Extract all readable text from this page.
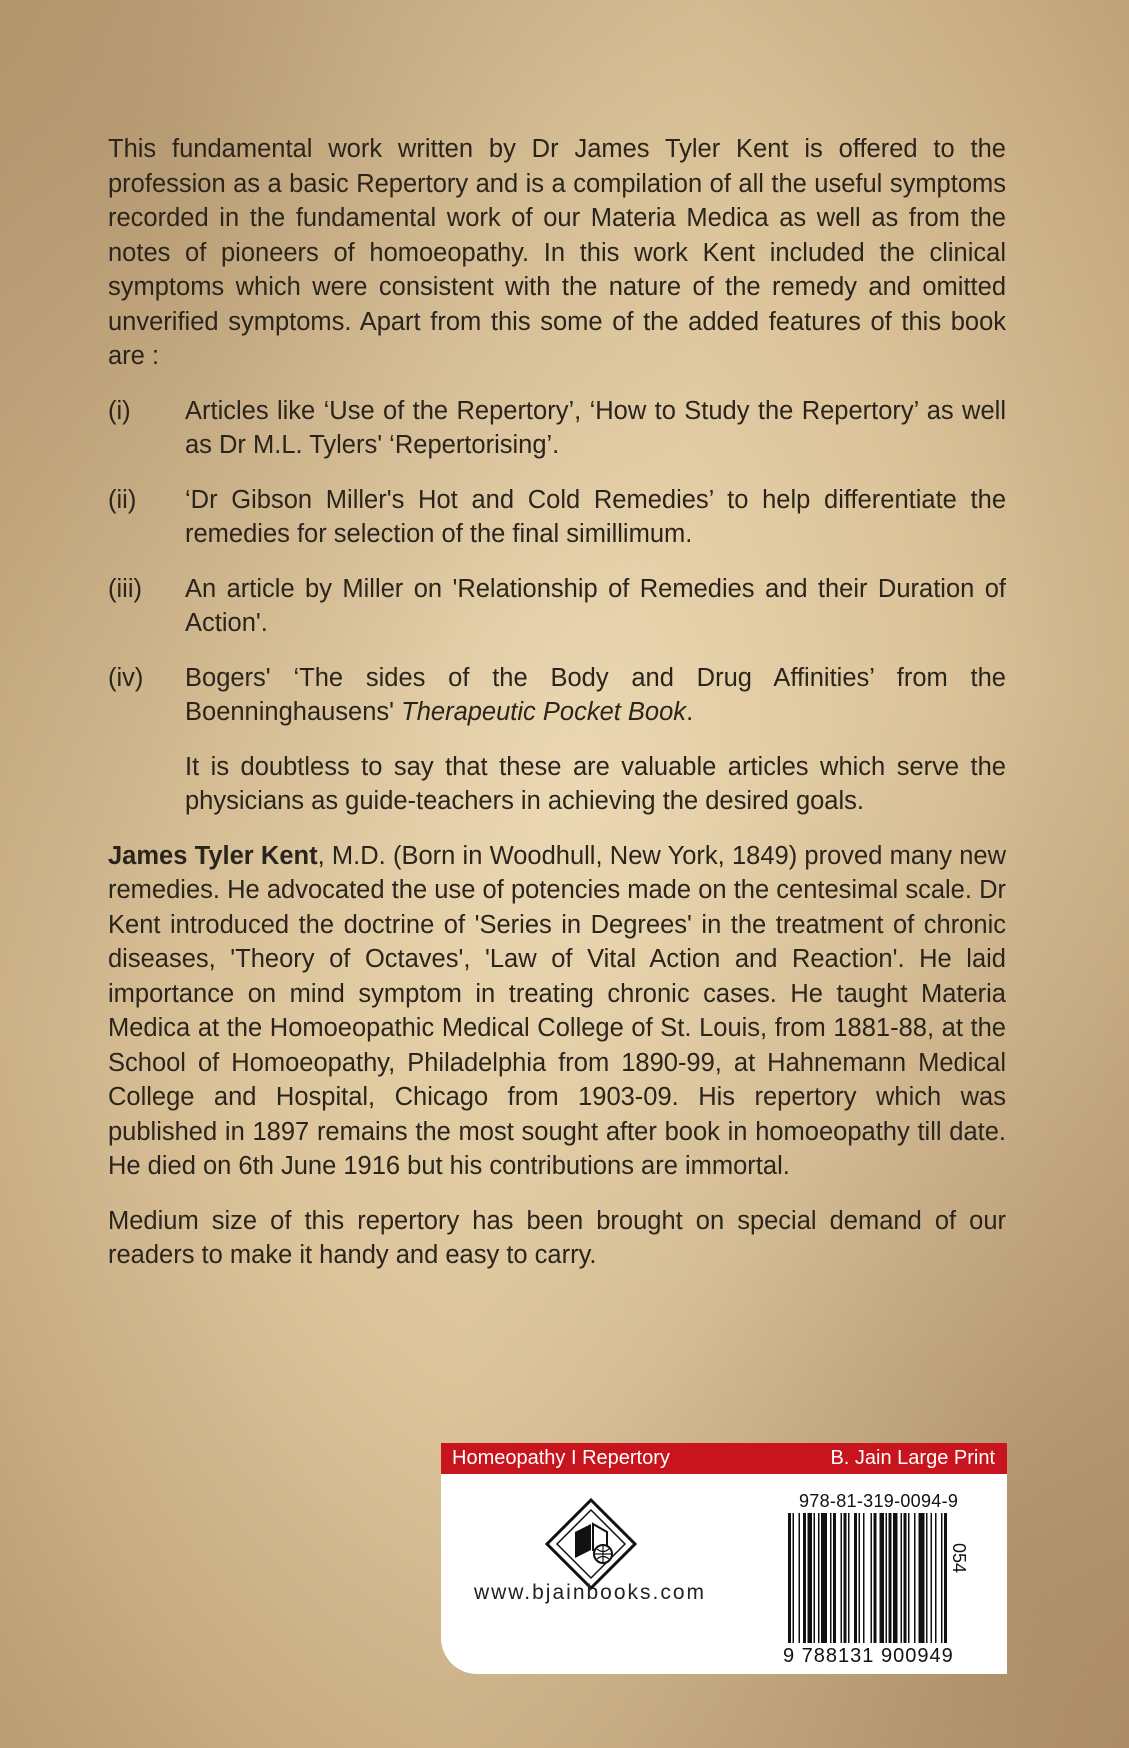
This fundamental work written by Dr James Tyler Kent is offered to the profession as a basic Repertory and is a compilation of all the useful symptoms recorded in the fundamental work of our Materia Medica as well as from the notes of pioneers of homoeopathy. In this work Kent included the clinical symptoms which were consistent with the nature of the remedy and omitted unverified symptoms. Apart from this some of the added features of this book are :

(i)	Articles like ‘Use of the Repertory’, ‘How to Study the Repertory’ as well as Dr M.L. Tylers' ‘Repertorising’.
(ii)	‘Dr Gibson Miller's Hot and Cold Remedies’ to help differentiate the remedies for selection of the final simillimum.
(iii)	An article by Miller on 'Relationship of Remedies and their Duration of Action'.
(iv)	Bogers' ‘The sides of the Body and Drug Affinities’ from the Boenninghausens' Therapeutic Pocket Book.

It is doubtless to say that these are valuable articles which serve the physicians as guide-teachers in achieving the desired goals.

James Tyler Kent, M.D. (Born in Woodhull, New York, 1849) proved many new remedies. He advocated the use of potencies made on the centesimal scale. Dr Kent introduced the doctrine of 'Series in Degrees' in the treatment of chronic diseases, 'Theory of Octaves', 'Law of Vital Action and Reaction'. He laid importance on mind symptom in treating chronic cases. He taught Materia Medica at the Homoeopathic Medical College of St. Louis, from 1881-88, at the School of Homoeopathy, Philadelphia from 1890-99, at Hahnemann Medical College and Hospital, Chicago from 1903-09. His repertory which was published in 1897 remains the most sought after book in homoeopathy till date. He died on 6th June 1916 but his contributions are immortal.

Medium size of this repertory has been brought on special demand of our readers to make it handy and easy to carry.

Homeopathy I Repertory	B. Jain Large Print
www.bjainbooks.com
978-81-319-0094-9
054
9 788131 900949
